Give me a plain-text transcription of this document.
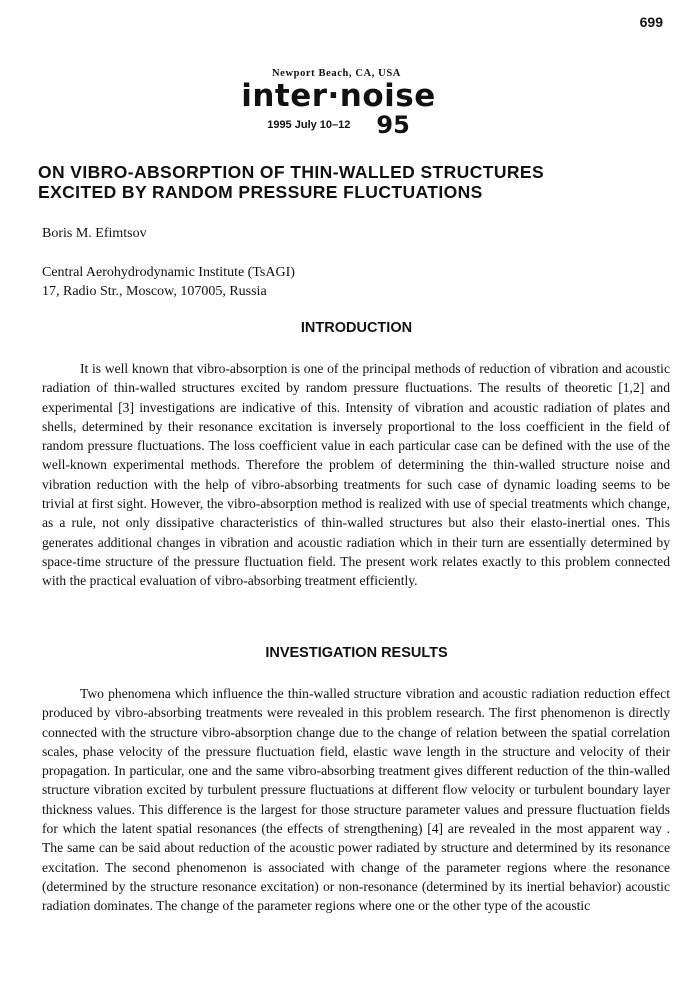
699
Newport Beach, CA, USA
inter·noise
1995 July 10–12 95
ON VIBRO-ABSORPTION OF THIN-WALLED STRUCTURES
EXCITED BY RANDOM PRESSURE FLUCTUATIONS
Boris M. Efimtsov
Central Aerohydrodynamic Institute (TsAGI)
17, Radio Str., Moscow, 107005, Russia
INTRODUCTION
It is well known that vibro-absorption is one of the principal methods of reduction of vibration and acoustic radiation of thin-walled structures excited by random pressure fluctuations. The results of theoretic [1,2] and experimental [3] investigations are indicative of this. Intensity of vibration and acoustic radiation of plates and shells, determined by their resonance excitation is inversely proportional to the loss coefficient in the field of random pressure fluctuations. The loss coefficient value in each particular case can be defined with the use of the well-known experimental methods. Therefore the problem of determining the thin-walled structure noise and vibration reduction with the help of vibro-absorbing treatments for such case of dynamic loading seems to be trivial at first sight. However, the vibro-absorption method is realized with use of special treatments which change, as a rule, not only dissipative characteristics of thin-walled structures but also their elasto-inertial ones. This generates additional changes in vibration and acoustic radiation which in their turn are essentially determined by space-time structure of the pressure fluctuation field. The present work relates exactly to this problem connected with the practical evaluation of vibro-absorbing treatment efficiently.
INVESTIGATION RESULTS
Two phenomena which influence the thin-walled structure vibration and acoustic radiation reduction effect produced by vibro-absorbing treatments were revealed in this problem research. The first phenomenon is directly connected with the structure vibro-absorption change due to the change of relation between the spatial correlation scales, phase velocity of the pressure fluctuation field, elastic wave length in the structure and velocity of their propagation. In particular, one and the same vibro-absorbing treatment gives different reduction of the thin-walled structure vibration excited by turbulent pressure fluctuations at different flow velocity or turbulent boundary layer thickness values. This difference is the largest for those structure parameter values and pressure fluctuation fields for which the latent spatial resonances (the effects of strengthening) [4] are revealed in the most apparent way . The same can be said about reduction of the acoustic power radiated by structure and determined by its resonance excitation. The second phenomenon is associated with change of the parameter regions where the resonance (determined by the structure resonance excitation) or non-resonance (determined by its inertial behavior) acoustic radiation dominates. The change of the parameter regions where one or the other type of the acoustic
